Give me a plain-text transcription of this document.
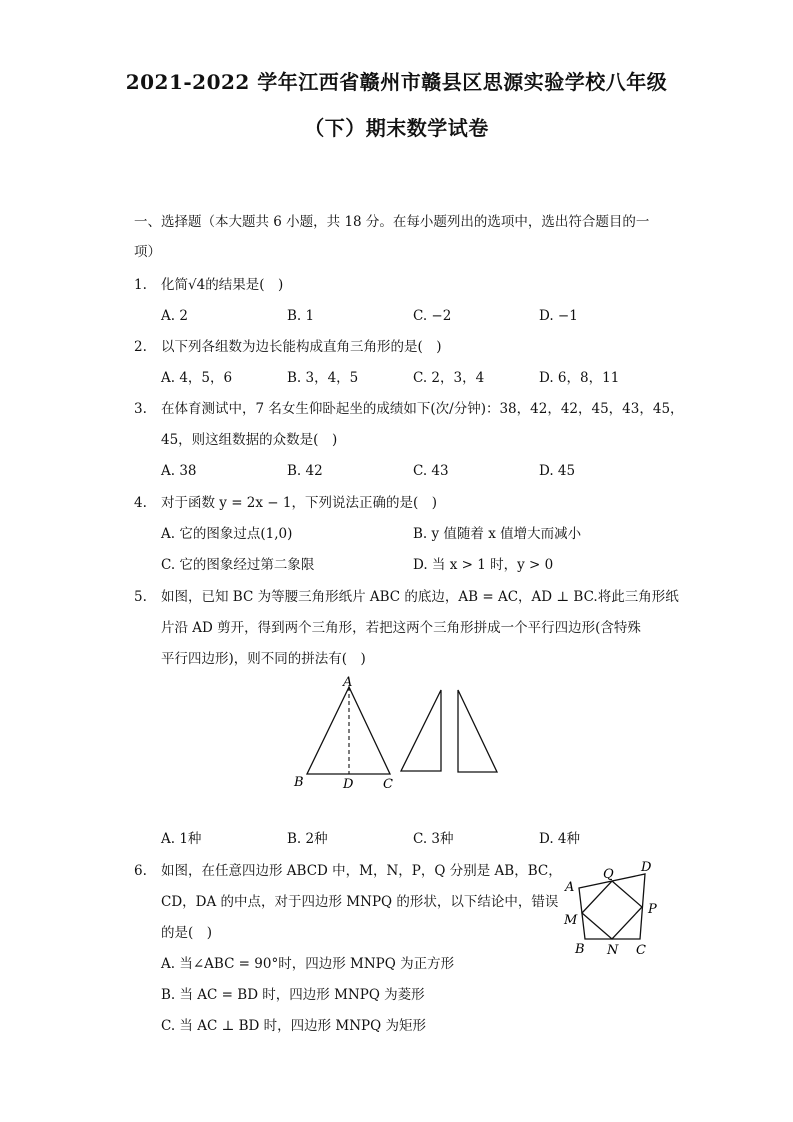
2021-2022 学年江西省赣州市赣县区思源实验学校八年级
（下）期末数学试卷
一、选择题（本大题共 6 小题，共 18 分。在每小题列出的选项中，选出符合题目的一
项）
1. 化简√4的结果是(　)
A. 2	B. 1	C. −2	D. −1
2. 以下列各组数为边长能构成直角三角形的是(　)
A. 4，5，6	B. 3，4，5	C. 2，3，4	D. 6，8，11
3. 在体育测试中，7 名女生仰卧起坐的成绩如下(次/分钟)：38，42，42，45，43，45，
45，则这组数据的众数是(　)
A. 38	B. 42	C. 43	D. 45
4. 对于函数 y = 2x − 1，下列说法正确的是(　)
A. 它的图象过点(1,0)	B. y 值随着 x 值增大而减小
C. 它的图象经过第二象限	D. 当 x > 1 时，y > 0
5. 如图，已知 BC 为等腰三角形纸片 ABC 的底边，AB = AC，AD ⊥ BC.将此三角形纸
片沿 AD 剪开，得到两个三角形，若把这两个三角形拼成一个平行四边形(含特殊
平行四边形)，则不同的拼法有(　)
A
B	D C
A. 1种	B. 2种	C. 3种	D. 4种
6. 如图，在任意四边形 ABCD 中，M，N，P，Q 分别是 AB，BC，
CD，DA 的中点，对于四边形 MNPQ 的形状，以下结论中，错误
的是(　)
A
B	C
D
M
N
P
Q
A. 当∠ABC = 90°时，四边形 MNPQ 为正方形
B. 当 AC = BD 时，四边形 MNPQ 为菱形
C. 当 AC ⊥ BD 时，四边形 MNPQ 为矩形
